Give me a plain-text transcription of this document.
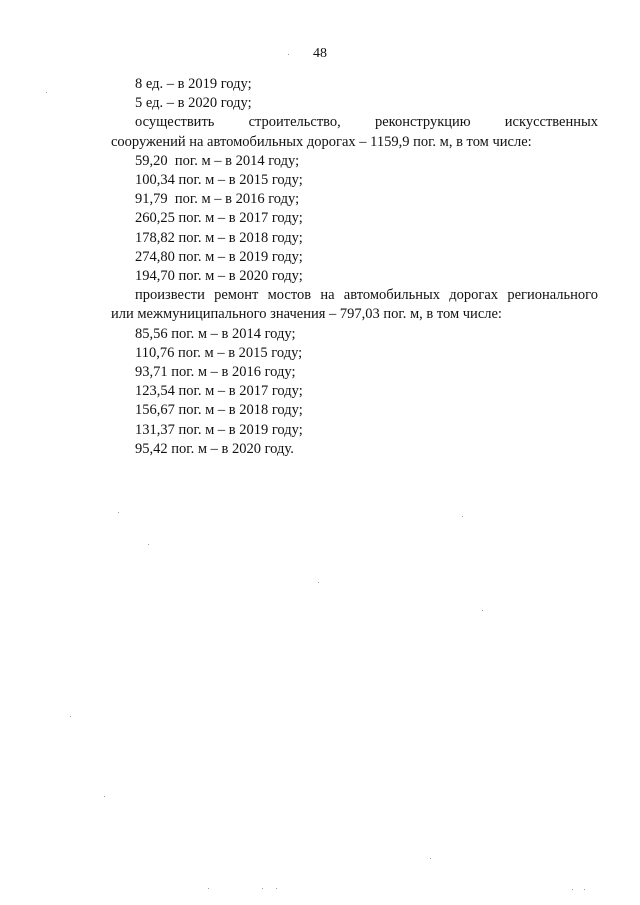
48
8 ед. – в 2019 году;
5 ед. – в 2020 году;
осуществить строительство, реконструкцию искусственных
сооружений на автомобильных дорогах – 1159,9 пог. м, в том числе:
59,20  пог. м – в 2014 году;
100,34 пог. м – в 2015 году;
91,79  пог. м – в 2016 году;
260,25 пог. м – в 2017 году;
178,82 пог. м – в 2018 году;
274,80 пог. м – в 2019 году;
194,70 пог. м – в 2020 году;
произвести ремонт мостов на автомобильных дорогах регионального
или межмуниципального значения – 797,03 пог. м, в том числе:
85,56 пог. м – в 2014 году;
110,76 пог. м – в 2015 году;
93,71 пог. м – в 2016 году;
123,54 пог. м – в 2017 году;
156,67 пог. м – в 2018 году;
131,37 пог. м – в 2019 году;
95,42 пог. м – в 2020 году.
